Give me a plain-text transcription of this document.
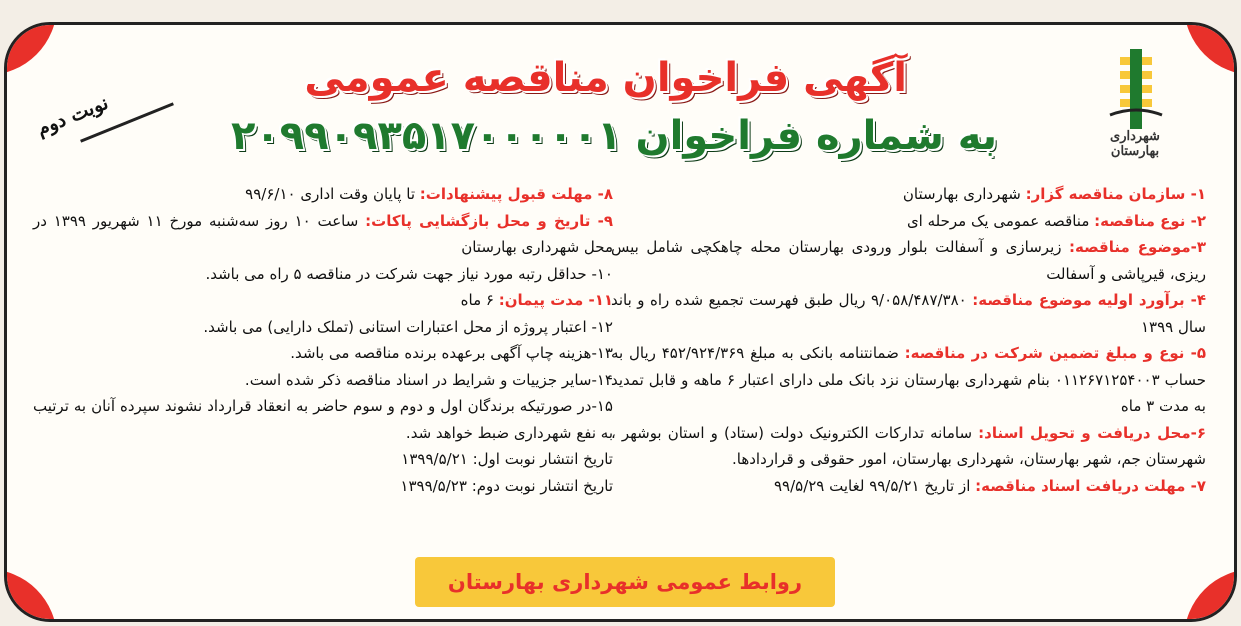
نوبت دوم
آگهی فراخوان مناقصه عمومی
به شماره فراخوان ۲۰۹۹۰۹۳۵۱۷۰۰۰۰۰۱	شهرداری بهارستان

۱- سازمان مناقصه گزار: شهرداری بهارستان

۲- نوع مناقصه: مناقصه عمومی یک مرحله ای

۳-موضوع مناقصه: زیرسازی و آسفالت بلوار ورودی بهارستان محله چاهکچی شامل بیس ریزی، قیرپاشی و آسفالت

۴- برآورد اولیه موضوع مناقصه: ۹/۰۵۸/۴۸۷/۳۸۰ ریال طبق فهرست تجمیع شده راه و باند سال ۱۳۹۹

۵- نوع و مبلغ تضمین شرکت در مناقصه: ضمانتنامه بانکی به مبلغ ۴۵۲/۹۲۴/۳۶۹ ریال به حساب ۰۱۱۲۶۷۱۲۵۴۰۰۳ بنام شهرداری بهارستان نزد بانک ملی دارای اعتبار ۶ ماهه و قابل تمدید به مدت ۳ ماه

۶-محل دریافت و تحویل اسناد: سامانه تدارکات الکترونیک دولت (ستاد) و استان بوشهر ، شهرستان جم، شهر بهارستان، شهرداری بهارستان، امور حقوقی و قراردادها.

۷- مهلت دریافت اسناد مناقصه: از تاریخ ۹۹/۵/۲۱ لغایت ۹۹/۵/۲۹

۸- مهلت قبول پیشنهادات: تا پایان وقت اداری ۹۹/۶/۱۰

۹- تاریخ و محل بازگشایی پاکات: ساعت ۱۰ روز سه‌شنبه مورخ ۱۱ شهریور ۱۳۹۹ در محل شهرداری بهارستان

۱۰- حداقل رتبه مورد نیاز جهت شرکت در مناقصه ۵ راه می باشد.

۱۱- مدت پیمان: ۶ ماه

۱۲- اعتبار پروژه از محل اعتبارات استانی (تملک دارایی) می باشد.

۱۳-هزینه چاپ آگهی برعهده برنده مناقصه می باشد.

۱۴-سایر جزییات و شرایط در اسناد مناقصه ذکر شده است.

۱۵-در صورتیکه برندگان اول و دوم و سوم حاضر به انعقاد قرارداد نشوند سپرده آنان به ترتیب به نفع شهرداری ضبط خواهد شد.

تاریخ انتشار نوبت اول: ۱۳۹۹/۵/۲۱

تاریخ انتشار نوبت دوم: ۱۳۹۹/۵/۲۳

روابط عمومی شهرداری بهارستان
